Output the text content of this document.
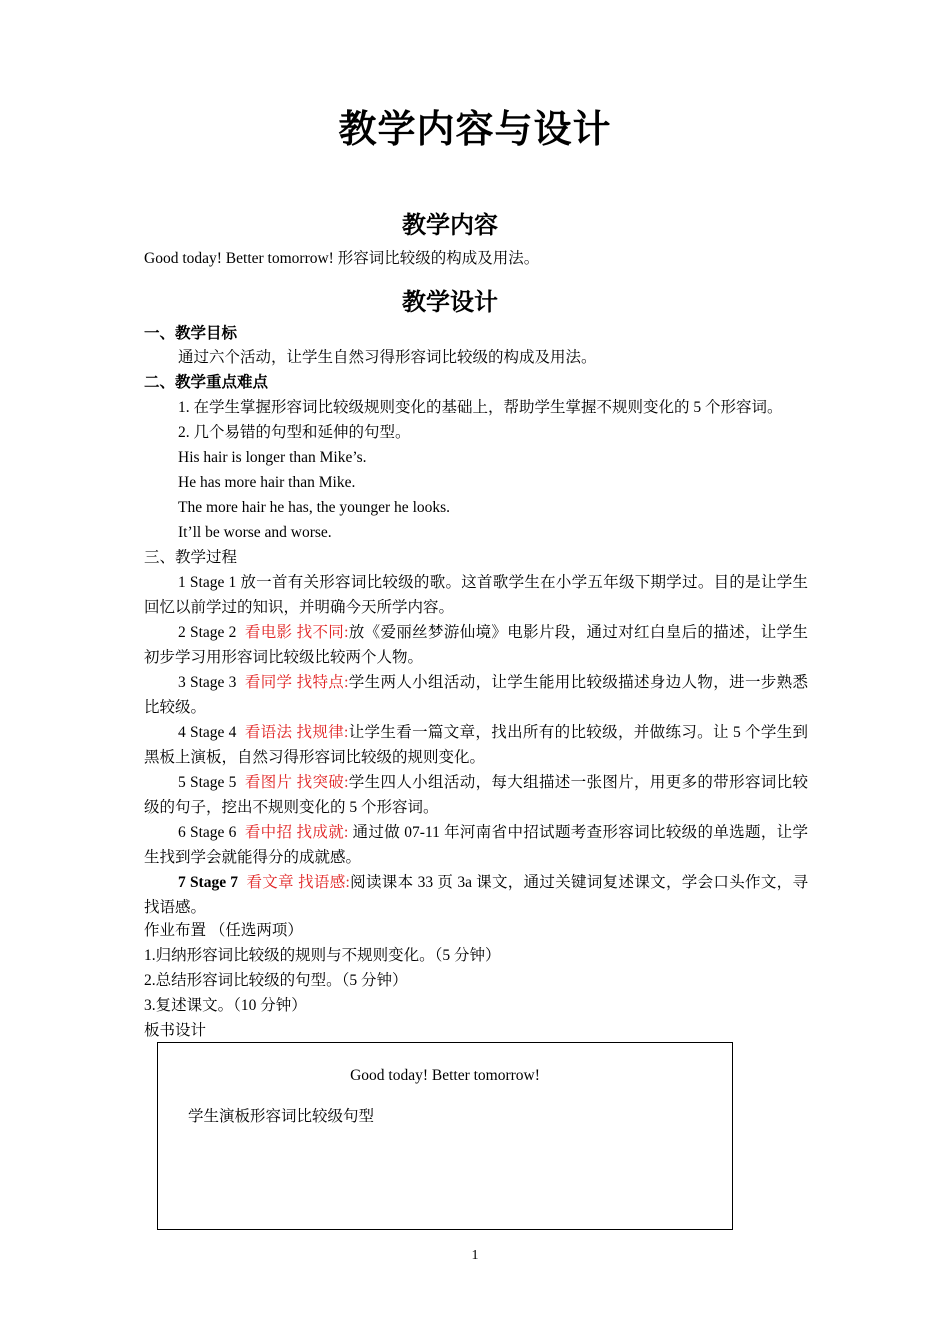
教学内容与设计
教学内容
Good today! Better tomorrow! 形容词比较级的构成及用法。
教学设计
一、教学目标
通过六个活动，让学生自然习得形容词比较级的构成及用法。
二、教学重点难点
1. 在学生掌握形容词比较级规则变化的基础上，帮助学生掌握不规则变化的 5 个形容词。
2. 几个易错的句型和延伸的句型。
His hair is longer than Mike’s.
He has more hair than Mike.
The more hair he has, the younger he looks.
It’ll be worse and worse.
三、教学过程
1 Stage 1 放一首有关形容词比较级的歌。这首歌学生在小学五年级下期学过。目的是让学生回忆以前学过的知识，并明确今天所学内容。
2 Stage 2 看电影 找不同:放《爱丽丝梦游仙境》电影片段，通过对红白皇后的描述，让学生初步学习用形容词比较级比较两个人物。
3 Stage 3 看同学 找特点:学生两人小组活动，让学生能用比较级描述身边人物，进一步熟悉比较级。
4 Stage 4 看语法 找规律:让学生看一篇文章，找出所有的比较级，并做练习。让 5 个学生到黑板上演板，自然习得形容词比较级的规则变化。
5 Stage 5 看图片 找突破:学生四人小组活动，每大组描述一张图片，用更多的带形容词比较级的句子，挖出不规则变化的 5 个形容词。
6 Stage 6 看中招 找成就: 通过做 07-11 年河南省中招试题考查形容词比较级的单选题，让学生找到学会就能得分的成就感。
7 Stage 7 看文章 找语感:阅读课本 33 页 3a 课文，通过关键词复述课文，学会口头作文，寻找语感。
作业布置 （任选两项）
1.归纳形容词比较级的规则与不规则变化。（5 分钟）
2.总结形容词比较级的句型。（5 分钟）
3.复述课文。（10 分钟）
板书设计
Good today! Better tomorrow!
学生演板形容词比较级句型
1
